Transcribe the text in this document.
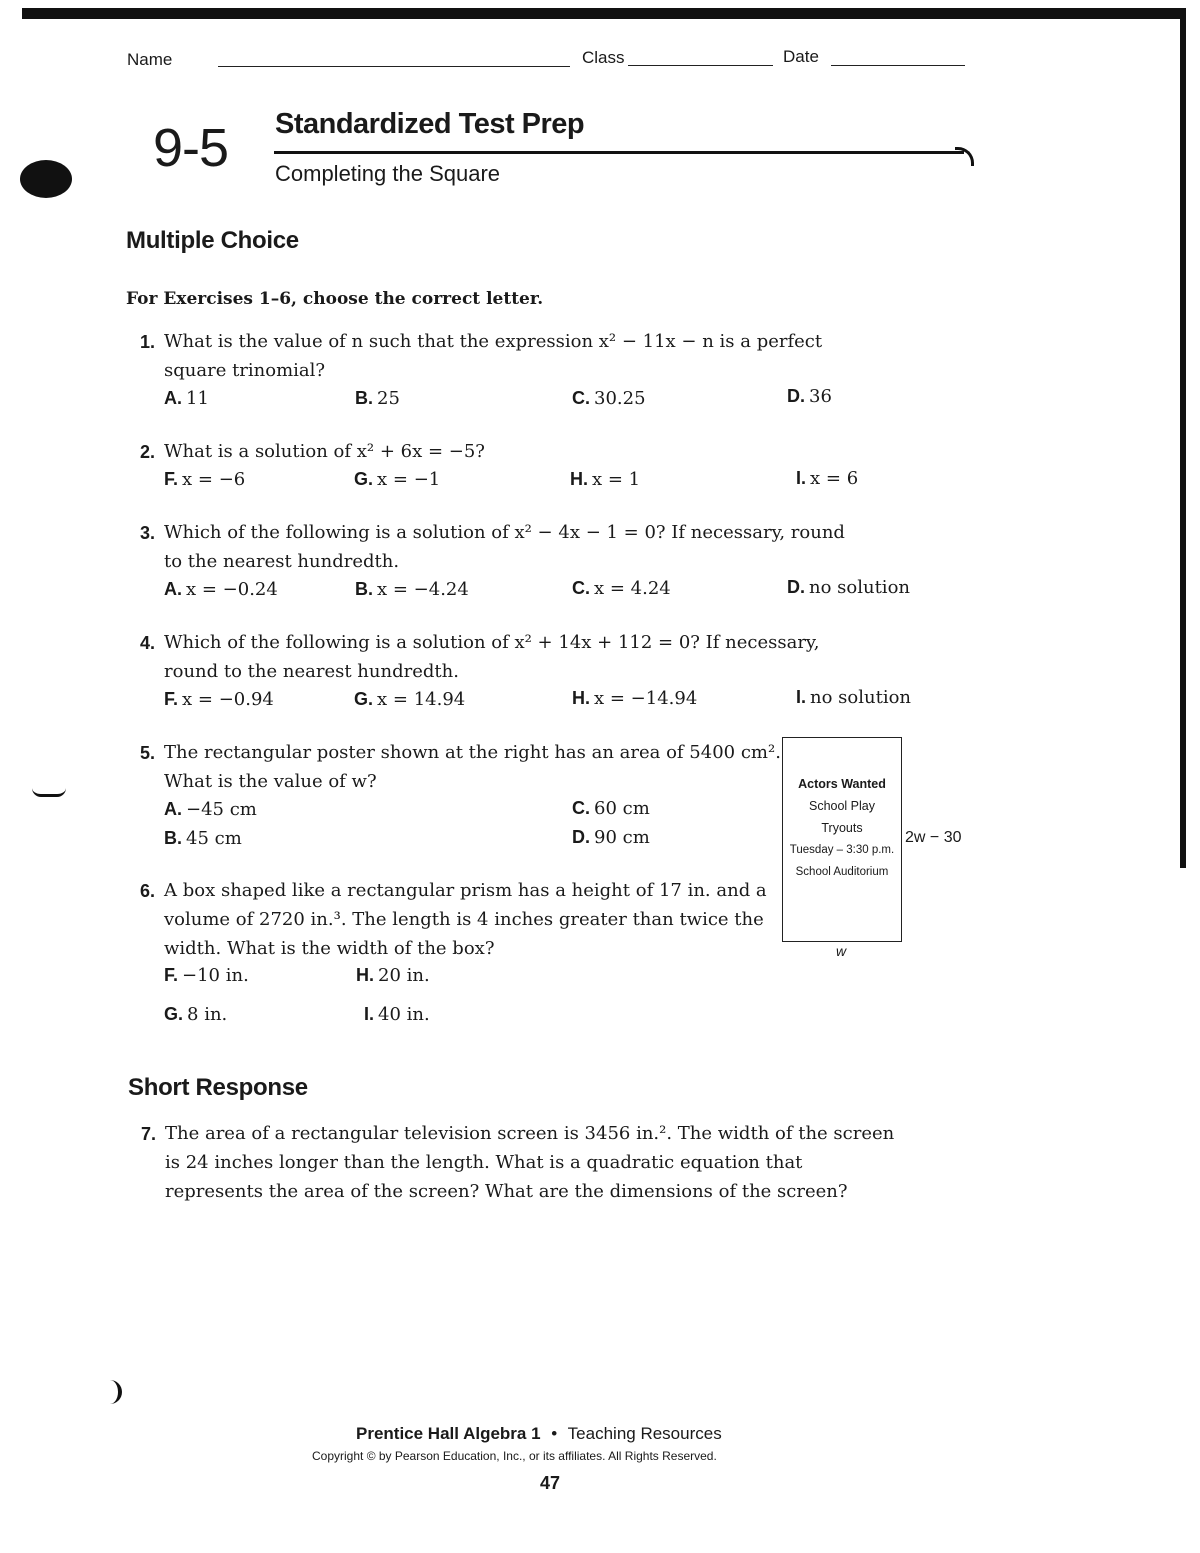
Name	Class	Date
9-5 Standardized Test Prep
Completing the Square
Multiple Choice
For Exercises 1–6, choose the correct letter.
1. What is the value of n such that the expression x² − 11x − n is a perfect
square trinomial?
A. 11	B. 25	C. 30.25	D. 36
2. What is a solution of x² + 6x = −5?
F. x = −6	G. x = −1	H. x = 1	I. x = 6
3. Which of the following is a solution of x² − 4x − 1 = 0? If necessary, round
to the nearest hundredth.
A. x = −0.24	B. x = −4.24	C. x = 4.24	D. no solution
4. Which of the following is a solution of x² + 14x + 112 = 0? If necessary,
round to the nearest hundredth.
F. x = −0.94	G. x = 14.94	H. x = −14.94	I. no solution
5. The rectangular poster shown at the right has an area of 5400 cm².
What is the value of w?
A. −45 cm
B. 45 cm
C. 60 cm
D. 90 cm
Actors Wanted
School Play
Tryouts
Tuesday – 3:30 p.m.
School Auditorium
2w − 30
w
6. A box shaped like a rectangular prism has a height of 17 in. and a
volume of 2720 in.³. The length is 4 inches greater than twice the
width. What is the width of the box?
F. −10 in.	H. 20 in.
G. 8 in.	I. 40 in.
Short Response
7. The area of a rectangular television screen is 3456 in.². The width of the screen
is 24 inches longer than the length. What is a quadratic equation that
represents the area of the screen? What are the dimensions of the screen?
Prentice Hall Algebra 1 • Teaching Resources
Copyright © by Pearson Education, Inc., or its affiliates. All Rights Reserved.
47
